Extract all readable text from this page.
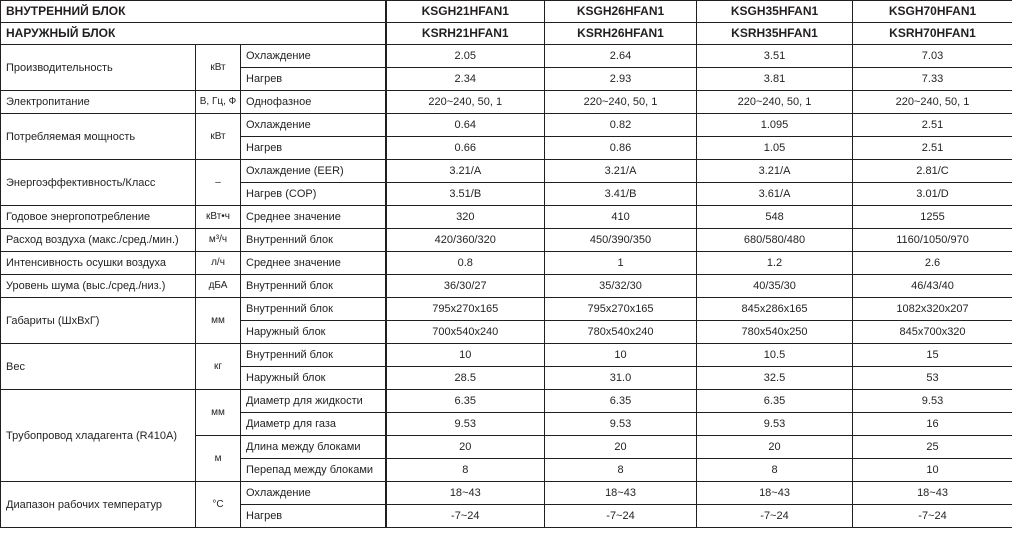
ВНУТРЕННИЙ БЛОК			KSGH21HFAN1	KSGH26HFAN1	KSGH35HFAN1	KSGH70HFAN1
НАРУЖНЫЙ БЛОК			KSRH21HFAN1	KSRH26HFAN1	KSRH35HFAN1	KSRH70HFAN1
Производительность	кВт	Охлаждение	2.05	2.64	3.51	7.03
		Нагрев	2.34	2.93	3.81	7.33
Электропитание	В, Гц, Ф	Однофазное	220~240, 50, 1	220~240, 50, 1	220~240, 50, 1	220~240, 50, 1
Потребляемая мощность	кВт	Охлаждение	0.64	0.82	1.095	2.51
		Нагрев	0.66	0.86	1.05	2.51
Энергоэффективность/Класс	–	Охлаждение (EER)	3.21/A	3.21/A	3.21/A	2.81/C
		Нагрев (COP)	3.51/B	3.41/B	3.61/A	3.01/D
Годовое энергопотребление	кВт•ч	Среднее значение	320	410	548	1255
Расход воздуха (макс./сред./мин.)	м³/ч	Внутренний блок	420/360/320	450/390/350	680/580/480	1160/1050/970
Интенсивность осушки воздуха	л/ч	Среднее значение	0.8	1	1.2	2.6
Уровень шума (выс./сред./низ.)	дБА	Внутренний блок	36/30/27	35/32/30	40/35/30	46/43/40
Габариты (ШхВхГ)	мм	Внутренний блок	795x270x165	795x270x165	845x286x165	1082x320x207
		Наружный блок	700x540x240	780x540x240	780x540x250	845x700x320
Вес	кг	Внутренний блок	10	10	10.5	15
		Наружный блок	28.5	31.0	32.5	53
Трубопровод хладагента (R410A)	мм	Диаметр для жидкости	6.35	6.35	6.35	9.53
		Диаметр для газа	9.53	9.53	9.53	16
	м	Длина между блоками	20	20	20	25
		Перепад между блоками	8	8	8	10
Диапазон рабочих температур	°С	Охлаждение	18~43	18~43	18~43	18~43
		Нагрев	-7~24	-7~24	-7~24	-7~24
